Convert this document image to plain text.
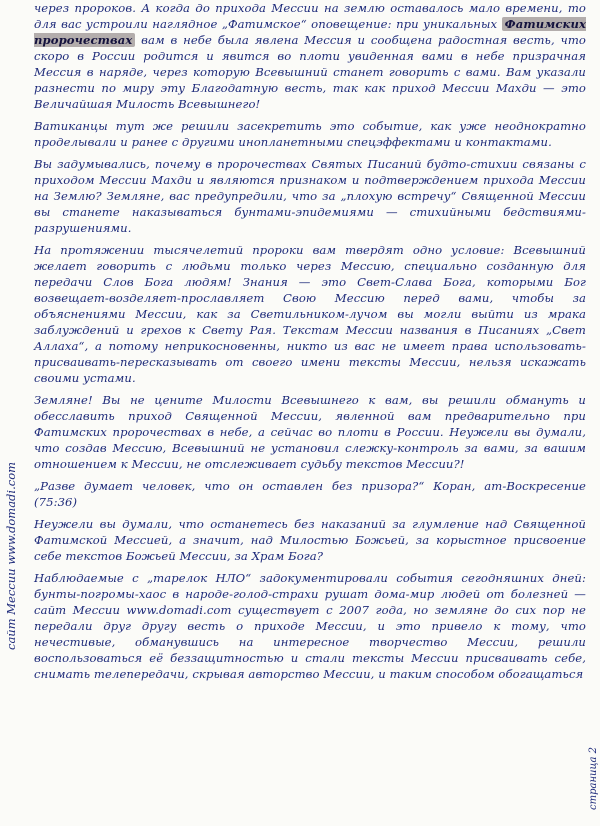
через пророков. А когда до прихода Мессии на землю оставалось мало времени, то для вас устроили наглядное „Фатимское“ оповещение: при уникальных Фатимских пророчествах вам в небе была явлена Мессия и сообщена радостная весть, что скоро в России родится и явится во плоти увиденная вами в небе призрачная Мессия в наряде, через которую Всевышний станет говорить с вами. Вам указали разнести по миру эту Благодатную весть, так как приход Мессии Махди — это Величайшая Милость Всевышнего!

Ватиканцы тут же решили засекретить это событие, как уже неоднократно проделывали и ранее с другими инопланетными спецэффектами и контактами.

Вы задумывались, почему в пророчествах Святых Писаний будто-стихии связаны с приходом Мессии Махди и являются признаком и подтверждением прихода Мессии на Землю? Земляне, вас предупредили, что за „плохую встречу“ Священной Мессии вы станете наказываться бунтами-эпидемиями — стихийными бедствиями-разрушениями.

На протяжении тысячелетий пророки вам твердят одно условие: Всевышний желает говорить с людьми только через Мессию, специально созданную для передачи Слов Бога людям! Знания — это Свет-Слава Бога, которыми Бог возвещает-возделяет-прославляет Свою Мессию перед вами, чтобы за объяснениями Мессии, как за Светильником-лучом вы могли выйти из мрака заблуждений и грехов к Свету Рая. Текстам Мессии названия в Писаниях „Свет Аллаха“, а потому неприкосновенны, никто из вас не имеет права использовать-присваивать-пересказывать от своего имени тексты Мессии, нельзя искажать своими устами.

Земляне! Вы не цените Милости Всевышнего к вам, вы решили обмануть и обесславить приход Священной Мессии, явленной вам предварительно при Фатимских пророчествах в небе, а сейчас во плоти в России. Неужели вы думали, что создав Мессию, Всевышний не установил слежку-контроль за вами, за вашим отношением к Мессии, не отслеживает судьбу текстов Мессии?!

„Разве думает человек, что он оставлен без призора?“ Коран, ат-Воскресение (75:36)

Неужели вы думали, что останетесь без наказаний за глумление над Священной Фатимской Мессией, а значит, над Милостью Божьей, за корыстное присвоение себе текстов Божьей Мессии, за Храм Бога?

Наблюдаемые с „тарелок НЛО“ задокументировали события сегодняшних дней: бунты-погромы-хаос в народе-голод-страхи рушат дома-мир людей от болезней — сайт Мессии www.domadi.com существует с 2007 года, но земляне до сих пор не передали друг другу весть о приходе Мессии, и это привело к тому, что нечестивые, обманувшись на интересное творчество Мессии, решили воспользоваться её беззащитностью и стали тексты Мессии присваивать себе, снимать телепередачи, скрывая авторство Мессии, и таким способом обогащаться

сайт Мессии www.domadi.com
страница 2
